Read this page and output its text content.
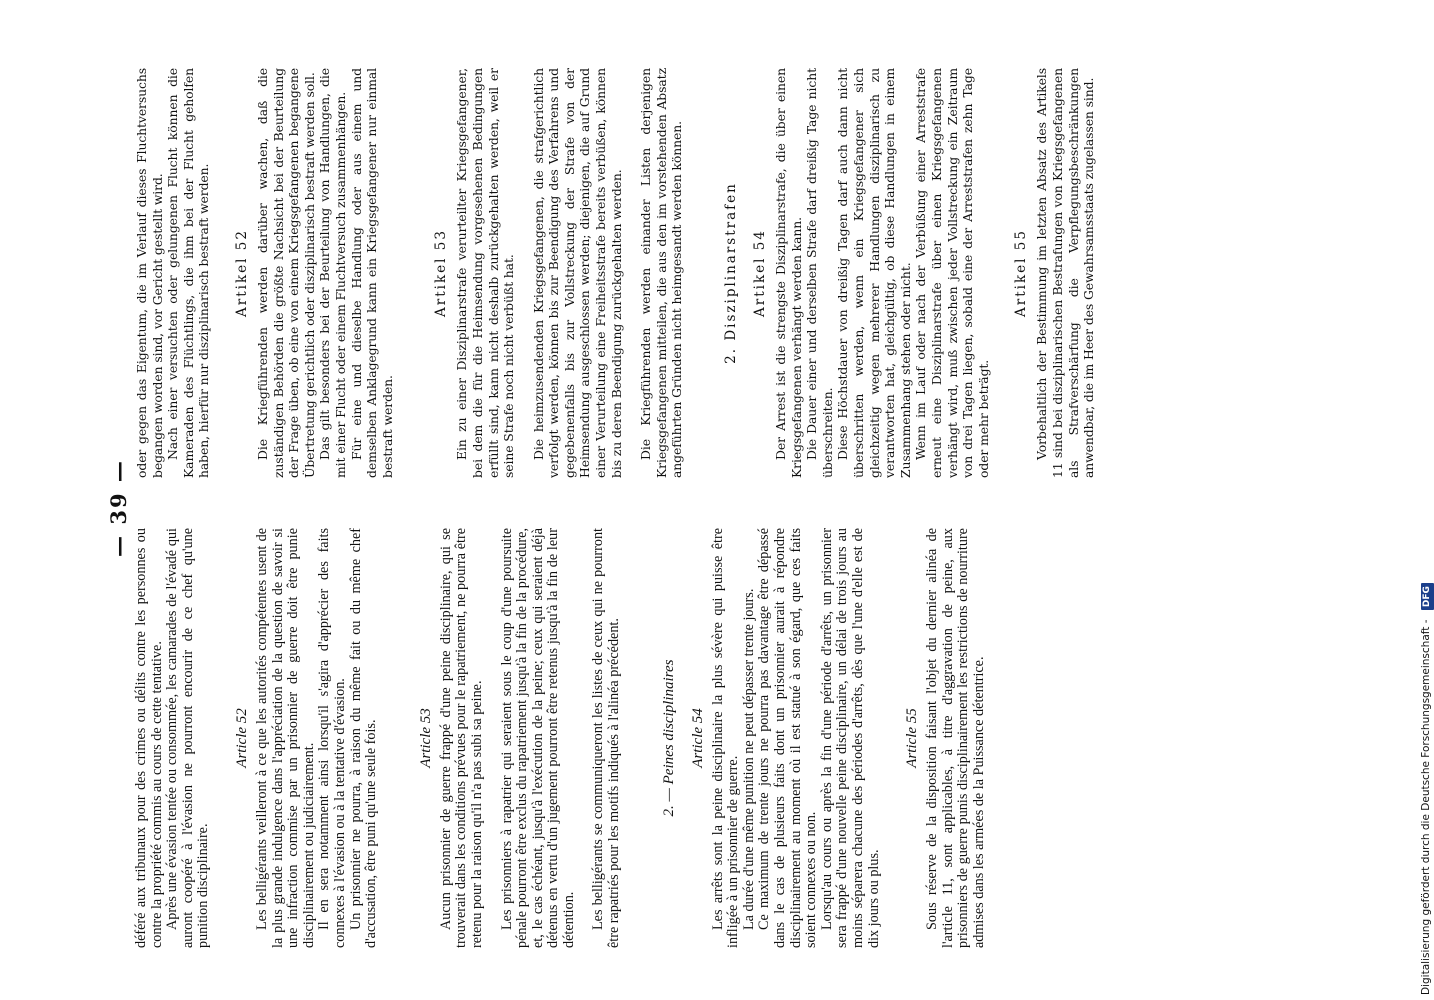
— 39 —

déféré aux tribunaux pour des crimes ou délits contre les personnes ou contre la propriété commis au cours de cette tentative. Après une évasion tentée ou consommée, les camarades de l'évadé qui auront coopéré à l'évasion ne pourront encourir de ce chef qu'une punition disciplinaire.

Article 52 Les belligérants veilleront à ce que les autorités compétentes usent de la plus grande indulgence dans l'appréciation de la question de savoir si une infraction commise par un prisonnier de guerre doit être punie disciplinairement ou judiciairement. Il en sera notamment ainsi lorsqu'il s'agira d'apprécier des faits connexes à l'évasion ou à la tentative d'évasion. Un prisonnier ne pourra, à raison du même fait ou du même chef d'accusation, être puni qu'une seule fois.	Article 53 Aucun prisonnier de guerre frappé d'une peine disciplinaire, qui se trouverait dans les conditions prévues pour le rapatriement, ne pourra être retenu pour la raison qu'il n'a pas subi sa peine. Les prisonniers à rapatrier qui seraient sous le coup d'une poursuite pénale pourront être exclus du rapatriement jusqu'à la fin de la procédure, et, le cas échéant, jusqu'à l'exécution de la peine; ceux qui seraient déjà détenus en vertu d'un jugement pourront être retenus jusqu'à la fin de leur détention. Les belligérants se communiqueront les listes de ceux qui ne pourront être rapatriés pour les motifs indiqués à l'alinéa précédent.	2. — Peines disciplinaires Article 54 Les arrêts sont la peine disciplinaire la plus sévère qui puisse être infligée à un prisonnier de guerre. La durée d'une même punition ne peut dépasser trente jours. Ce maximum de trente jours ne pourra pas davantage être dépassé dans le cas de plusieurs faits dont un prisonnier aurait à répondre disciplinairement au moment où il est statué à son égard, que ces faits soient connexes ou non. Lorsqu'au cours ou après la fin d'une période d'arrêts, un prisonnier sera frappé d'une nouvelle peine disciplinaire, un délai de trois jours au moins séparera chacune des périodes d'arrêts, dès que l'une d'elle est de dix jours ou plus.

Article 55 Sous réserve de la disposition faisant l'objet du dernier alinéa de l'article 11, sont applicables, à titre d'aggravation de peine, aux prisonniers de guerre punis disciplinairement les restrictions de nourriture admises dans les armées de la Puissance détentrice.

oder gegen das Eigentum, die im Verlauf dieses Fluchtversuchs begangen worden sind, vor Gericht gestellt wird. Nach einer versuchten oder gelungenen Flucht können die Kameraden des Flüchtlings, die ihm bei der Flucht geholfen haben, hierfür nur disziplinarisch bestraft werden.	Artikel 52 Die Kriegführenden werden darüber wachen, daß die zuständigen Behörden die größte Nachsicht bei der Beurteilung der Frage üben, ob eine von einem Kriegsgefangenen begangene Übertretung gerichtlich oder disziplinarisch bestraft werden soll. Das gilt besonders bei der Beurteilung von Handlungen, die mit einer Flucht oder einem Fluchtversuch zusammenhängen. Für eine und dieselbe Handlung oder aus einem und demselben Anklagegrund kann ein Kriegsgefangener nur einmal bestraft werden.

Artikel 53 Ein zu einer Disziplinarstrafe verurteilter Kriegsgefangener, bei dem die für die Heimsendung vorgesehenen Bedingungen erfüllt sind, kann nicht deshalb zurückgehalten werden, weil er seine Strafe noch nicht verbüßt hat. Die heimzusendenden Kriegsgefangenen, die strafgerichtlich verfolgt werden, können bis zur Beendigung des Verfahrens und gegebenenfalls bis zur Vollstreckung der Strafe von der Heimsendung ausgeschlossen werden; diejenigen, die auf Grund einer Verurteilung eine Freiheitsstrafe bereits verbüßen, können bis zu deren Beendigung zurückgehalten werden. Die Kriegführenden werden einander Listen derjenigen Kriegsgefangenen mitteilen, die aus den im vorstehenden Absatz angeführten Gründen nicht heimgesandt werden können.	2. Disziplinarstrafen Artikel 54 Der Arrest ist die strengste Disziplinarstrafe, die über einen Kriegsgefangenen verhängt werden kann. Die Dauer einer und derselben Strafe darf dreißig Tage nicht überschreiten. Diese Höchstdauer von dreißig Tagen darf auch dann nicht überschritten werden, wenn ein Kriegsgefangener sich gleichzeitig wegen mehrerer Handlungen disziplinarisch zu verantworten hat, gleichgültig, ob diese Handlungen in einem Zusammenhang stehen oder nicht. Wenn im Lauf oder nach der Verbüßung einer Arreststrafe erneut eine Disziplinarstrafe über einen Kriegsgefangenen verhängt wird, muß zwischen jeder Vollstreckung ein Zeitraum von drei Tagen liegen, sobald eine der Arreststrafen zehn Tage oder mehr beträgt.

Artikel 55 Vorbehaltlich der Bestimmung im letzten Absatz des Artikels 11 sind bei disziplinarischen Bestrafungen von Kriegsgefangenen als Strafverschärfung die Verpflegungsbeschränkungen anwendbar, die im Heer des Gewahrsamsstaats zugelassen sind.

Digitalisierung gefördert durch die Deutsche Forschungsgemeinschaft - DFG
